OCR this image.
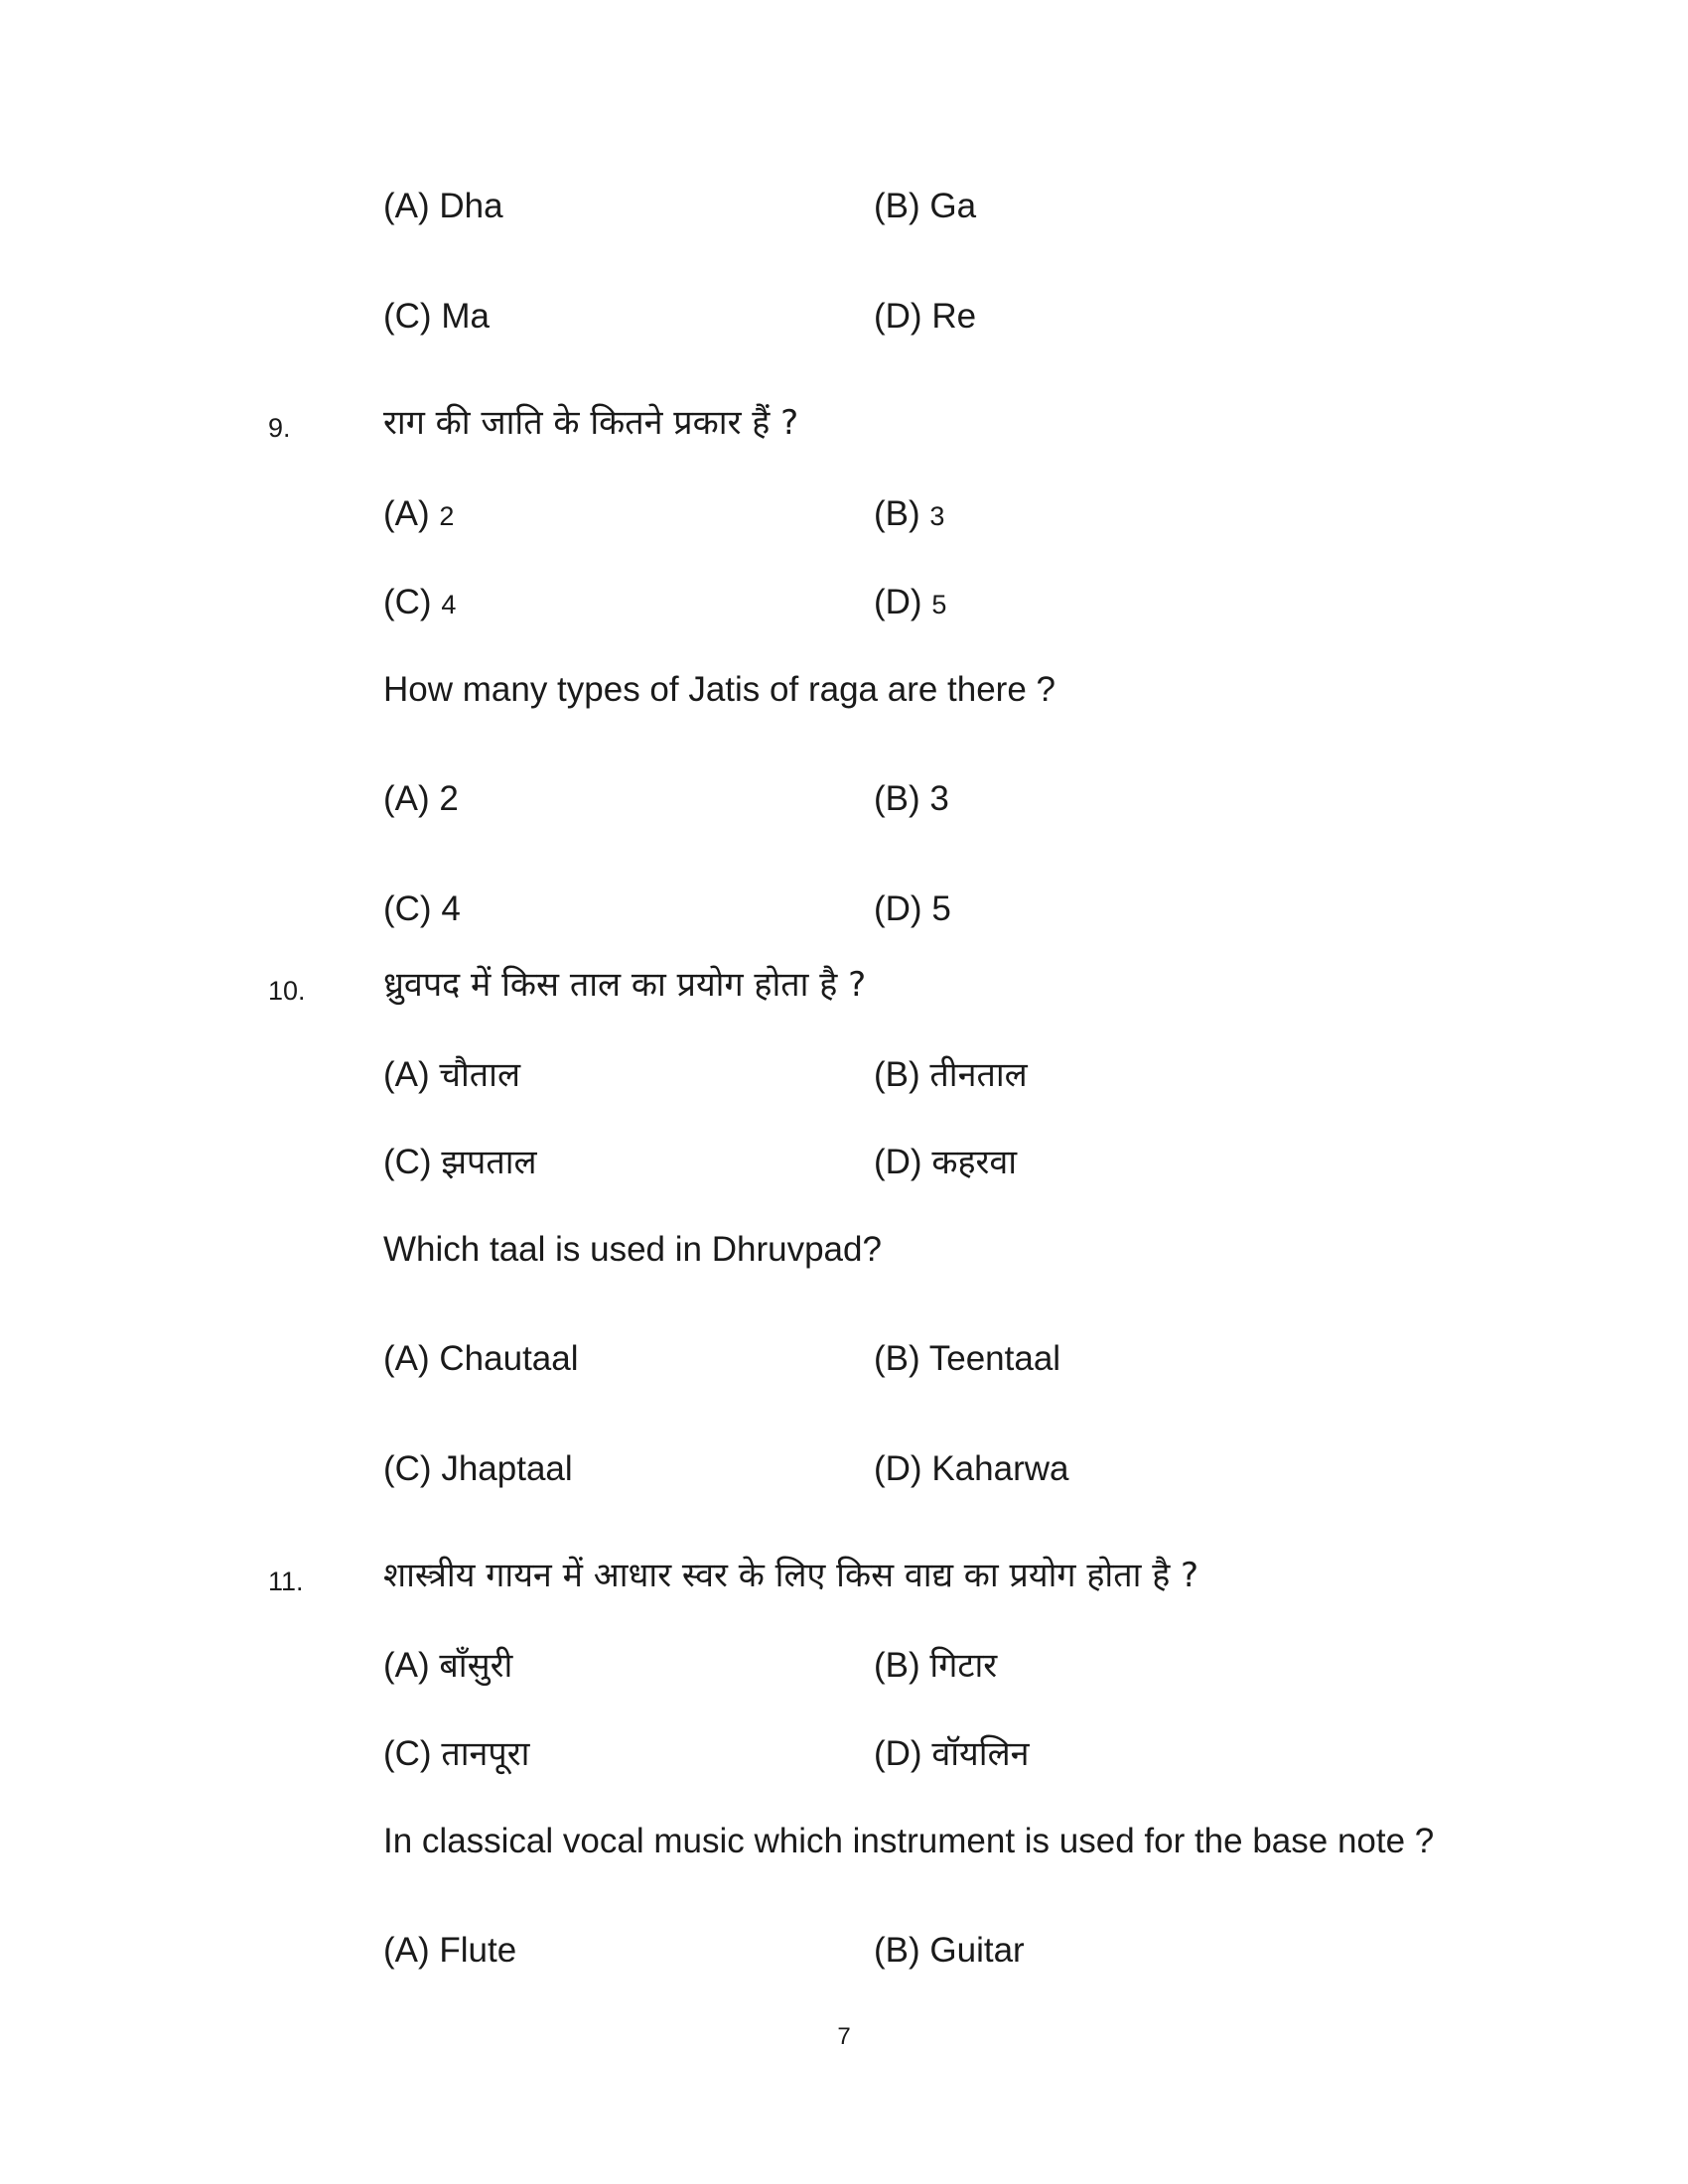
(A) Dha	(B) Ga
(C) Ma	(D) Re
9.	राग की जाति के कितने प्रकार हैं ?
(A) 2	(B) 3
(C) 4	(D) 5
How many types of Jatis of raga are there ?
(A) 2	(B) 3
(C) 4	(D) 5
10. ध्रुवपद में किस ताल का प्रयोग होता है ?
(A) चौताल	(B) तीनताल
(C) झपताल	(D) कहरवा
Which taal is used in Dhruvpad?
(A) Chautaal	(B) Teentaal
(C) Jhaptaal	(D) Kaharwa
11. शास्त्रीय गायन में आधार स्वर के लिए किस वाद्य का प्रयोग होता है ?
(A) बाँसुरी	(B) गिटार
(C) तानपूरा	(D) वॉयलिन
In classical vocal music which instrument is used for the base note ?
(A) Flute	(B) Guitar
7
